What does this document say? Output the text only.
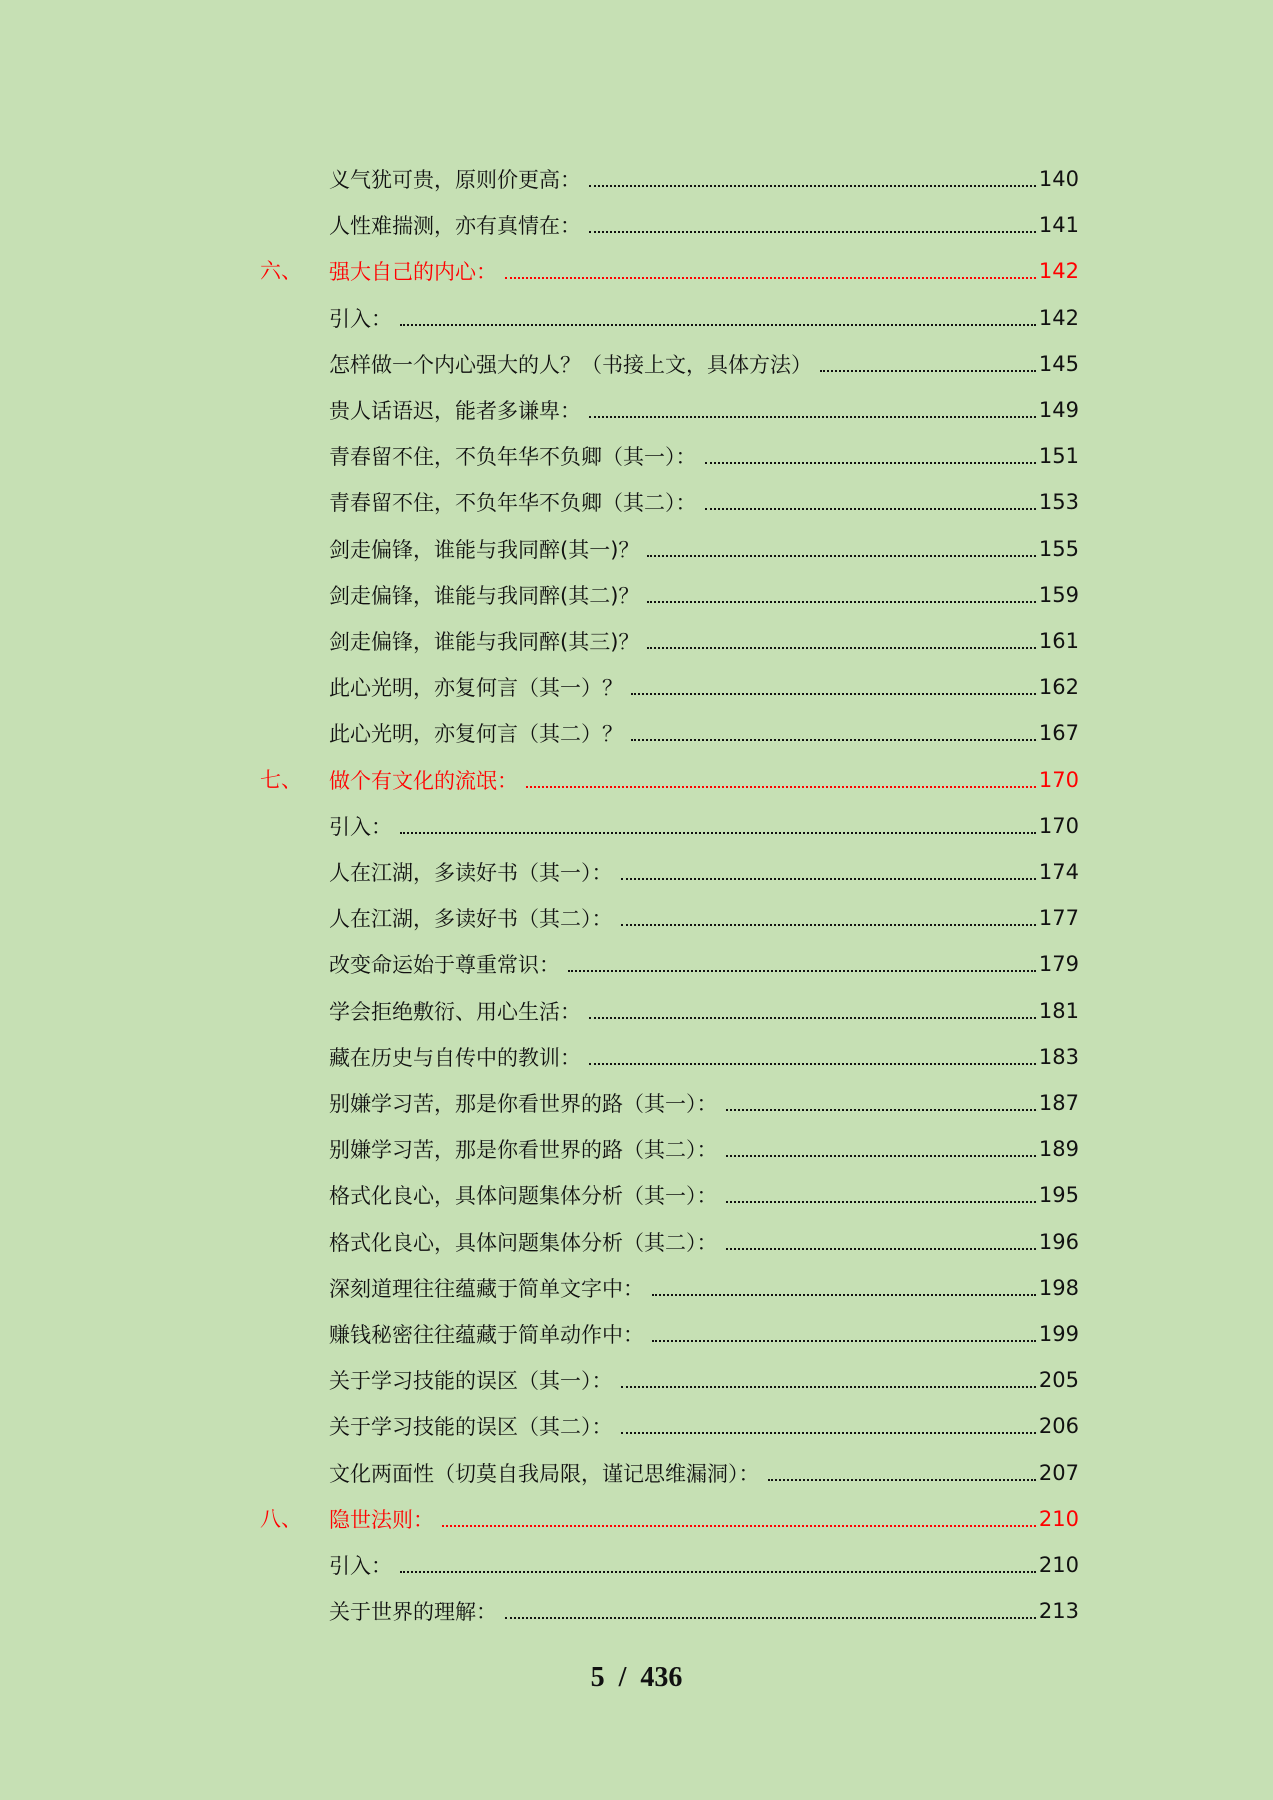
义气犹可贵，原则价更高：	140
人性难揣测，亦有真情在：	141
六、 强大自己的内心：	142
引入：	142
怎样做一个内心强大的人？（书接上文，具体方法）	145
贵人话语迟，能者多谦卑：	149
青春留不住，不负年华不负卿（其一）：	151
青春留不住，不负年华不负卿（其二）：	153
剑走偏锋，谁能与我同醉(其一)？	155
剑走偏锋，谁能与我同醉(其二)？	159
剑走偏锋，谁能与我同醉(其三)？	161
此心光明，亦复何言（其一）？	162
此心光明，亦复何言（其二）？	167
七、 做个有文化的流氓：	170
引入：	170
人在江湖，多读好书（其一）：	174
人在江湖，多读好书（其二）：	177
改变命运始于尊重常识：	179
学会拒绝敷衍、用心生活：	181
藏在历史与自传中的教训：	183
别嫌学习苦，那是你看世界的路（其一）：	187
别嫌学习苦，那是你看世界的路（其二）：	189
格式化良心，具体问题集体分析（其一）：	195
格式化良心，具体问题集体分析（其二）：	196
深刻道理往往蕴藏于简单文字中：	198
赚钱秘密往往蕴藏于简单动作中：	199
关于学习技能的误区（其一）：	205
关于学习技能的误区（其二）：	206
文化两面性（切莫自我局限，谨记思维漏洞）：	207
八、 隐世法则：	210
引入：	210
关于世界的理解：	213
5 / 436
